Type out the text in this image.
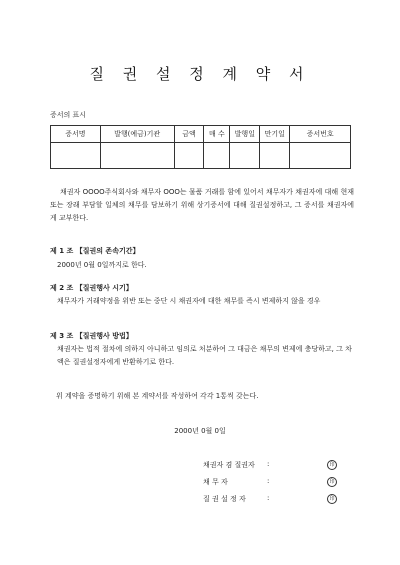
질 권 설 정 계 약 서
증서의 표시
증서명	발행(예금)기관	금액	매 수	발행일	만기일	증서번호

채권자 OOOO주식회사와 채무자 OOO는 물품 거래를 함에 있어서 채무자가 채권자에 대해 현재 또는 장래 부담할 일체의 채무를 담보하기 위해 상기증서에 대해 질권설정하고, 그 증서를 채권자에게 교부한다.
제 1 조 【질권의 존속기간】
2000년 0월 0일까지로 한다.
제 2 조 【질권행사 시기】
채무자가 거래약정을 위반 또는 중단 시 채권자에 대한 채무를 즉시 변제하지 않을 경우
제 3 조 【질권행사 방법】
채권자는 법적 절차에 의하지 아니하고 임의로 처분하여 그 대금은 채무의 변제에 충당하고, 그 차액은 질권설정자에게 반환하기로 한다.
위 계약을 증명하기 위해 본 계약서를 작성하여 각각 1통씩 갖는다.
2000년 0월 0일
채권자 겸 질권자 :	印
채 무 자	:	印
질 권 설 정 자	:	印
